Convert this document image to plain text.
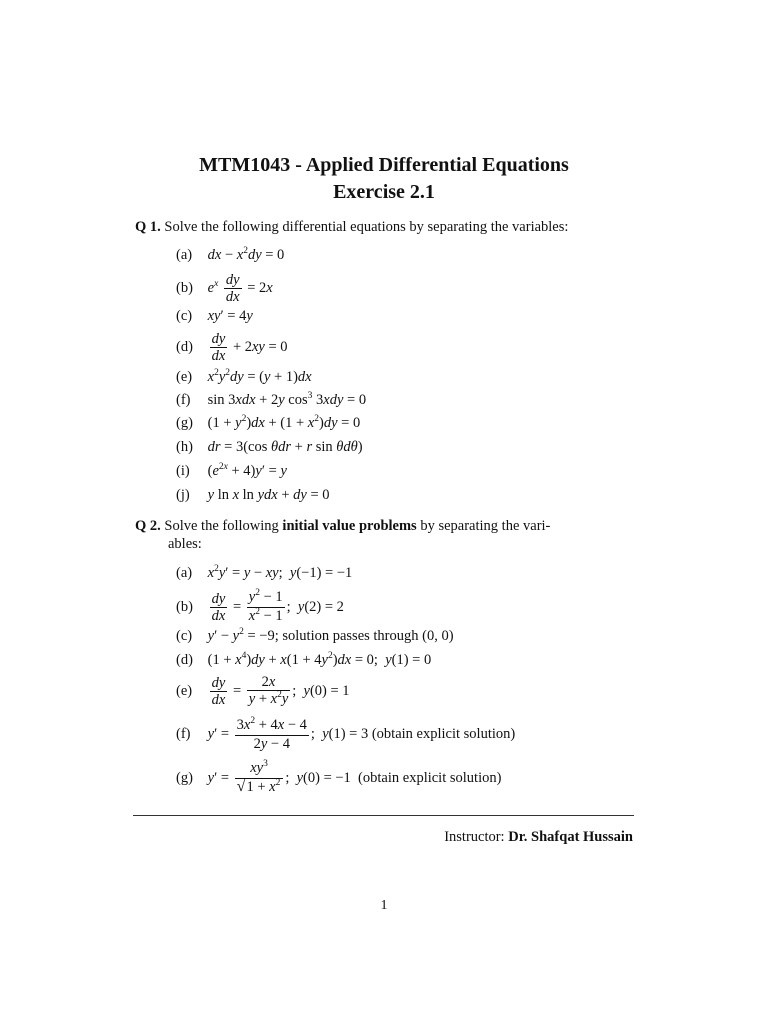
MTM1043 - Applied Differential Equations
Exercise 2.1
Q 1. Solve the following differential equations by separating the variables:
(a) dx − $x^2dy = 0$
(b) $e^x \frac{dy}{dx} = 2x$
(c) xy′ = 4y
$(d) \frac{dy}{dx} + 2xy = 0$
(e) $x^2y^2dy = (y + 1)dx$
(f) sin 3xdx + 2y $\cos^3 3xdy = 0$
(g) $(1 + y^2)dx + (1 + x^2)dy = 0$
(h) dr = 3(cos θdr + r sin θdθ)
(i) $(e^{2x} + 4)y' = y$
(j) y ln x ln ydx + dy = 0
Q 2. Solve the following initial value problems by separating the vari-
ables:
(a) $x^2y' = y$ − xy;  y(−1) = −1
$(b) \frac{dy}{dx} = \frac{y^2 - 1}{x^2 - 1}$ ;  y(2) = 2
(c) $y' - y^2 = -9$; solution passes through (0, 0)
(d) $(1 + x^4)dy + x(1 + 4y^2)dx = 0$;  y(1) = 0
$(e) \frac{dy}{dx} = \frac{2x}{y + x^2y}$ ;  y(0) = 1
(f) $y' = \frac{3x^2 + 4x - 4}{2y - 4}$ ;  y(1) = 3 (obtain explicit solution)
(g) $y' = \frac{xy^3}{√1 + x^2}$ ;  y(0) = −1  (obtain explicit solution)
Instructor: Dr. Shafqat Hussain
1
